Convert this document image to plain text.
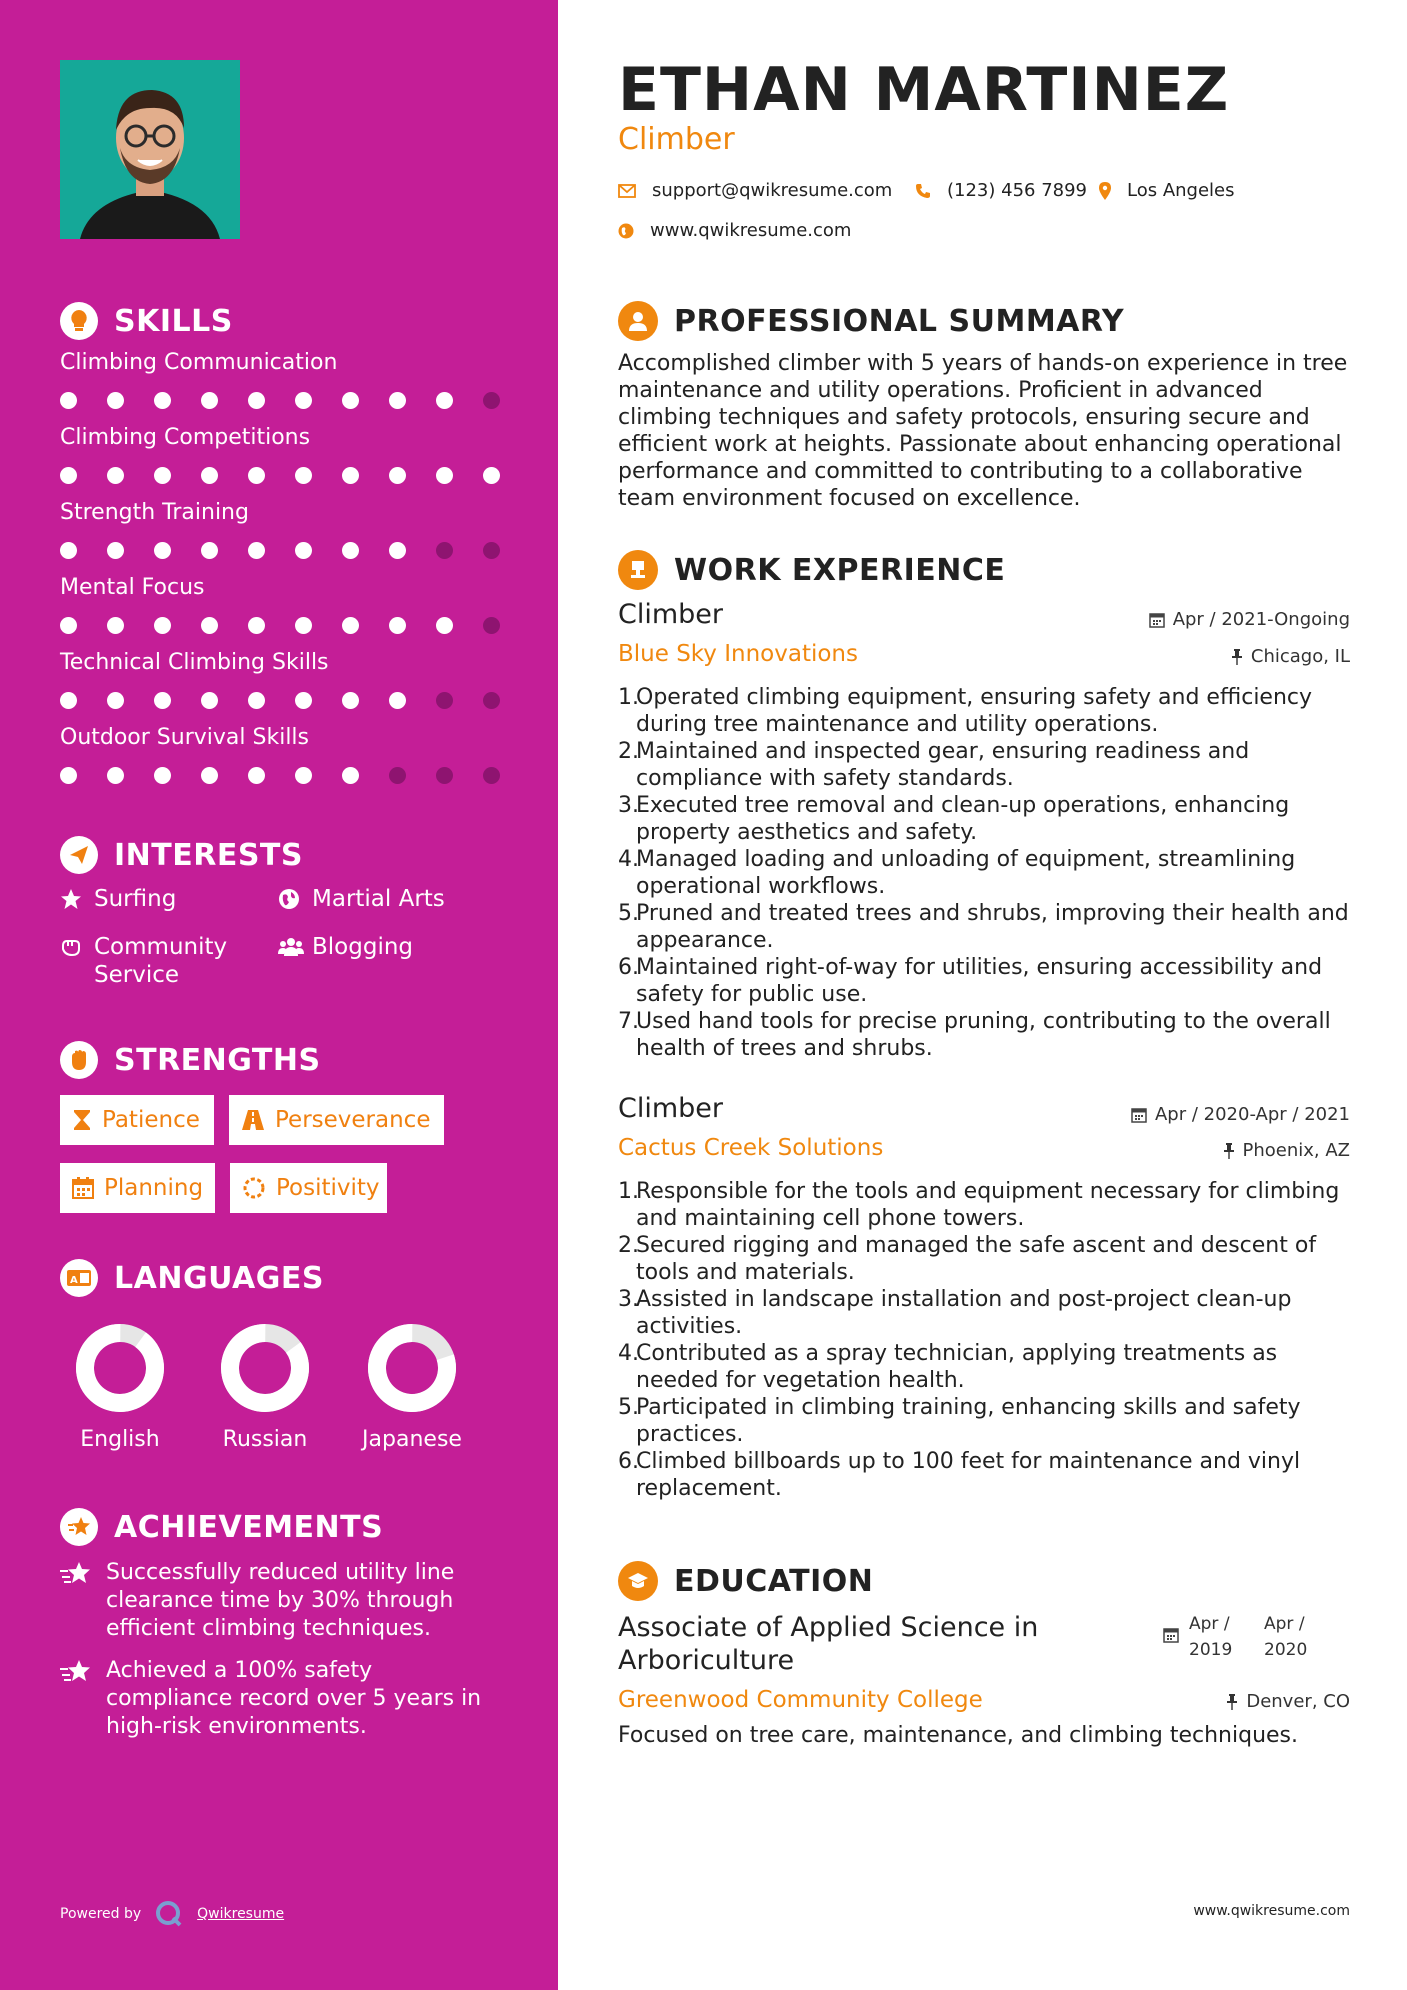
SKILLS
Climbing Communication
Climbing Competitions
Strength Training
Mental Focus
Technical Climbing Skills
Outdoor Survival Skills
INTERESTS
Surfing	Martial Arts
Community Service
Blogging
STRENGTHS
Patience	Perseverance
Planning	Positivity
A LANGUAGES
English	Russian	Japanese
ACHIEVEMENTS
Successfully reduced utility line clearance time by 30% through efficient climbing techniques.
Achieved a 100% safety compliance record over 5 years in high-risk environments.
Powered by	Qwikresume
ETHAN MARTINEZ
Climber
support@qwikresume.com	(123) 456 7899 Los Angeles
www.qwikresume.com
PROFESSIONAL SUMMARY
Accomplished climber with 5 years of hands-on experience in tree maintenance and utility operations. Proficient in advanced climbing techniques and safety protocols, ensuring secure and efficient work at heights. Passionate about enhancing operational performance and committed to contributing to a collaborative team environment focused on excellence.
WORK EXPERIENCE
Climber	Apr / 2021-Ongoing
Blue Sky Innovations	Chicago, IL
1.
Operated climbing equipment, ensuring safety and efficiency during tree maintenance and utility operations.
2.
Maintained and inspected gear, ensuring readiness and compliance with safety standards.
3.
Executed tree removal and clean-up operations, enhancing property aesthetics and safety.
4.
Managed loading and unloading of equipment, streamlining operational workflows.
5.
Pruned and treated trees and shrubs, improving their health and appearance.
6.
Maintained right-of-way for utilities, ensuring accessibility and safety for public use.
7.
Used hand tools for precise pruning, contributing to the overall health of trees and shrubs.
Climber	Apr / 2020-Apr / 2021
Cactus Creek Solutions	Phoenix, AZ
1.
Responsible for the tools and equipment necessary for climbing and maintaining cell phone towers.
2.
Secured rigging and managed the safe ascent and descent of tools and materials.
3.
Assisted in landscape installation and post-project clean-up activities.
4.
Contributed as a spray technician, applying treatments as needed for vegetation health.
5.
Participated in climbing training, enhancing skills and safety practices.
6.
Climbed billboards up to 100 feet for maintenance and vinyl replacement.
EDUCATION
Associate of Applied Science in Arboriculture
Apr / 2019
Apr / 2020
Greenwood Community College	Denver, CO
Focused on tree care, maintenance, and climbing techniques.
www.qwikresume.com
